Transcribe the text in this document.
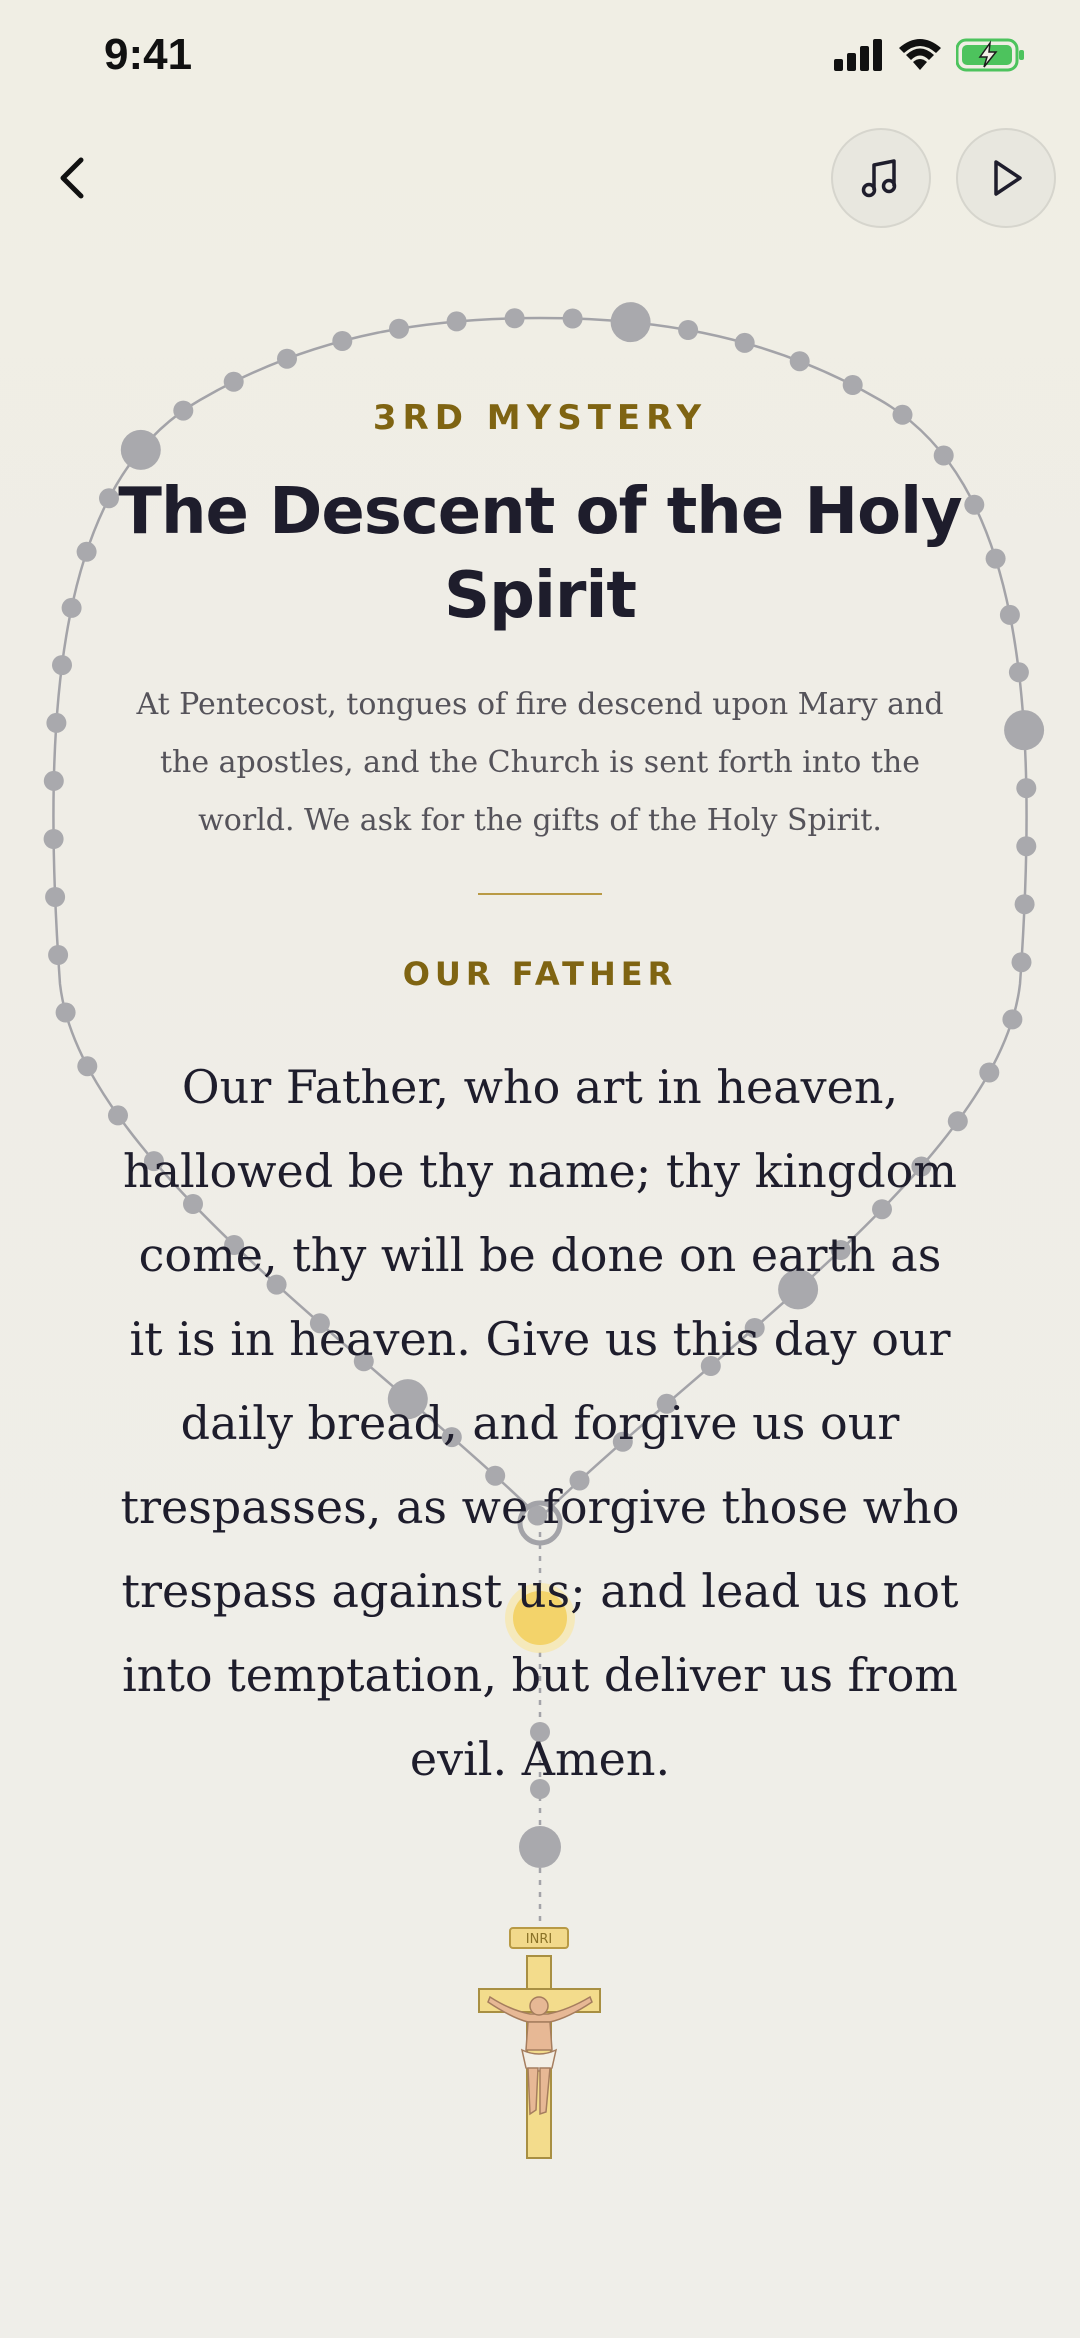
INRI
9:41
3RD MYSTERY
The Descent of the Holy Spirit
At Pentecost, tongues of fire descend upon Mary and the apostles, and the Church is sent forth into the world. We ask for the gifts of the Holy Spirit.
OUR FATHER
Our Father, who art in heaven, hallowed be thy name; thy kingdom come, thy will be done on earth as it is in heaven. Give us this day our daily bread, and forgive us our trespasses, as we forgive those who trespass against us; and lead us not into temptation, but deliver us from evil. Amen.
